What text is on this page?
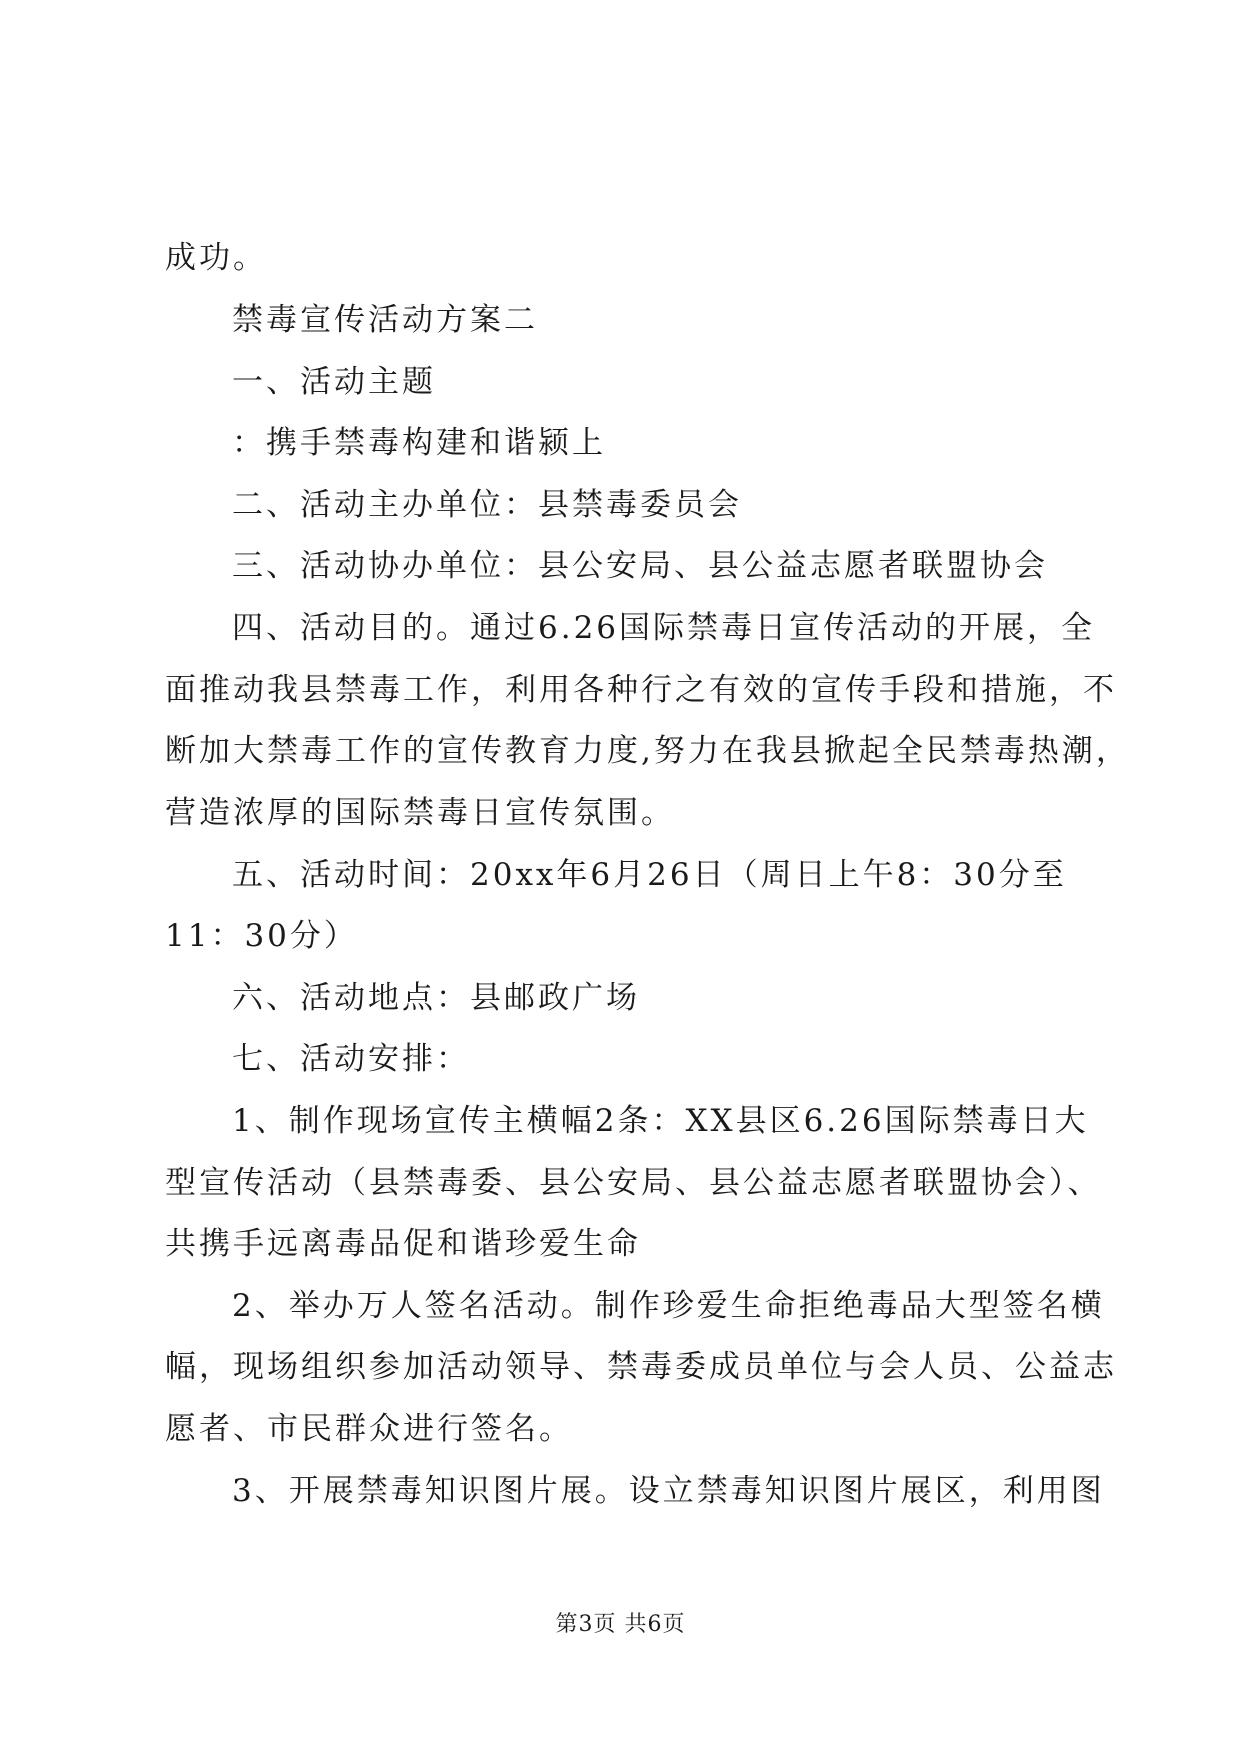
成功。
禁毒宣传活动方案二
一、活动主题
：携手禁毒构建和谐颍上
二、活动主办单位：县禁毒委员会
三、活动协办单位：县公安局、县公益志愿者联盟协会
四、活动目的。通过6.26国际禁毒日宣传活动的开展，全
面推动我县禁毒工作，利用各种行之有效的宣传手段和措施，不
断加大禁毒工作的宣传教育力度,努力在我县掀起全民禁毒热潮，
营造浓厚的国际禁毒日宣传氛围。
五、活动时间：20xx年6月26日（周日上午8：30分至
11：30分）
六、活动地点：县邮政广场
七、活动安排：
1、制作现场宣传主横幅2条：XX县区6.26国际禁毒日大
型宣传活动（县禁毒委、县公安局、县公益志愿者联盟协会）、
共携手远离毒品促和谐珍爱生命
2、举办万人签名活动。制作珍爱生命拒绝毒品大型签名横
幅，现场组织参加活动领导、禁毒委成员单位与会人员、公益志
愿者、市民群众进行签名。
3、开展禁毒知识图片展。设立禁毒知识图片展区，利用图
第3页 共6页
